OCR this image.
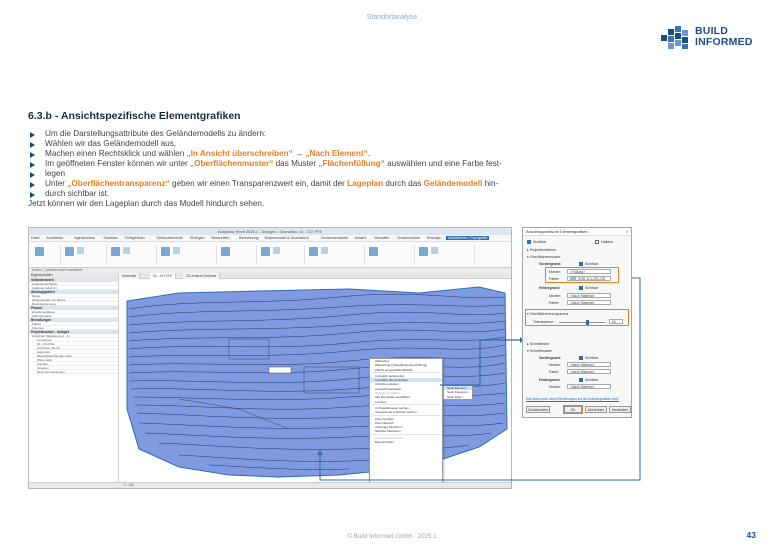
Standortanalyse
BUILD
INFORMED
6.3.b - Ansichtspezifische Elementgrafiken
Um die Darstellungsattribute des Geländemodells zu ändern:
Wählen wir das Geländemodell aus,
Machen einen Rechtsklick und wählen „In Ansicht überschreiben“ → „Nach Element“.
Im geöffneten Fenster können wir unter „Oberflächenmuster“ das Muster „Flächenfüllung“ auswählen und eine Farbe fest-
legen
Unter „Oberflächentransparenz“ geben wir einen Transparenzwert ein, damit der Lageplan durch das Geländemodell hin-
durch sichtbar ist.
Jetzt können wir den Lageplan durch das Modell hindurch sehen.
Autodesk Revit 2025.1 - Anlage1 - Grundriss: 01 - OG FFE
Datei Architektur	Ingenieurbau Stahlbau Fertigteilbau	Gebäudetechnik Einfügen Beschriften	Berechnung Körpermodell & Grundstück	Zusammenarbeit Ansicht Verwalten Zusatzmodule Enscape	Modifizieren | Topografie
Ändern | Geländemodell auswählen
Eigenschaften
Geländemodell
Geländeoberfläche
Geländemodell (1)
Abhängigkeiten
Name
Höhenversatz von Ebene
Raumbegrenzung
Phasen
Erstellungsphase
Abbruchphase
Bemaßungen
Fläche
Volumen
Projektbrowser - Anlage1
Ansichten (Gliederung 1 - 1)
Grundrisse
01 - OG FFE
Ansichten (Nord)
Legenden
Bauteillisten/Mengen (alle)
Pläne (alle)
Familien
Gruppen
Revit-Verknüpfungen
Startseite	01 - OG FFE	3D-Ansicht Gelände
Abbrechen
Wiederholen [Oberflächenbeschriftung]
Zuletzt ausgewählte Befehle
In Ansicht ausblenden
In Ansicht überschreiben
Ähnliche erstellen
Auswahl bearbeiten
Vorlage auswählen
Alle Exemplare auswählen
Löschen
In Projektbrowser suchen
Verweisende Ansichten suchen
Zoom Fenster
Zoom Bereich
Vorherige Pan/Zoom
Nächste Pan/Zoom
Ansicht durchsuchen
Eigenschaften
Nach Element...
Nach Kategorie...
Nach Filter...
1 : 100
Ansichtsspezifische Elementgrafiken	×
Sichtbar	Halbton
▸ Projektionslinien
▾ Oberflächenmuster
Vordergrund	Sichtbar
Muster:	<Füllung>
Farbe:	RGB 114-200-235
Hintergrund	Sichtbar
Muster:	<Nach Material>
Farbe:	<Nach Material>
▾ Oberflächentransparenz
Transparenz:	60
▸ Schnittlinien
▾ Schnittmuster
Vordergrund	Sichtbar
Muster:	<Nach Material>
Farbe:	<Nach Material>
Hintergrund	Sichtbar
Muster:	<Nach Material>
Wie wirken sich diese Einstellungen auf die Ansichtsgrafiken aus?
Zurücksetzen	OK	Abbrechen	Anwenden
© Build Informed Gmbh · 2025.1	43
